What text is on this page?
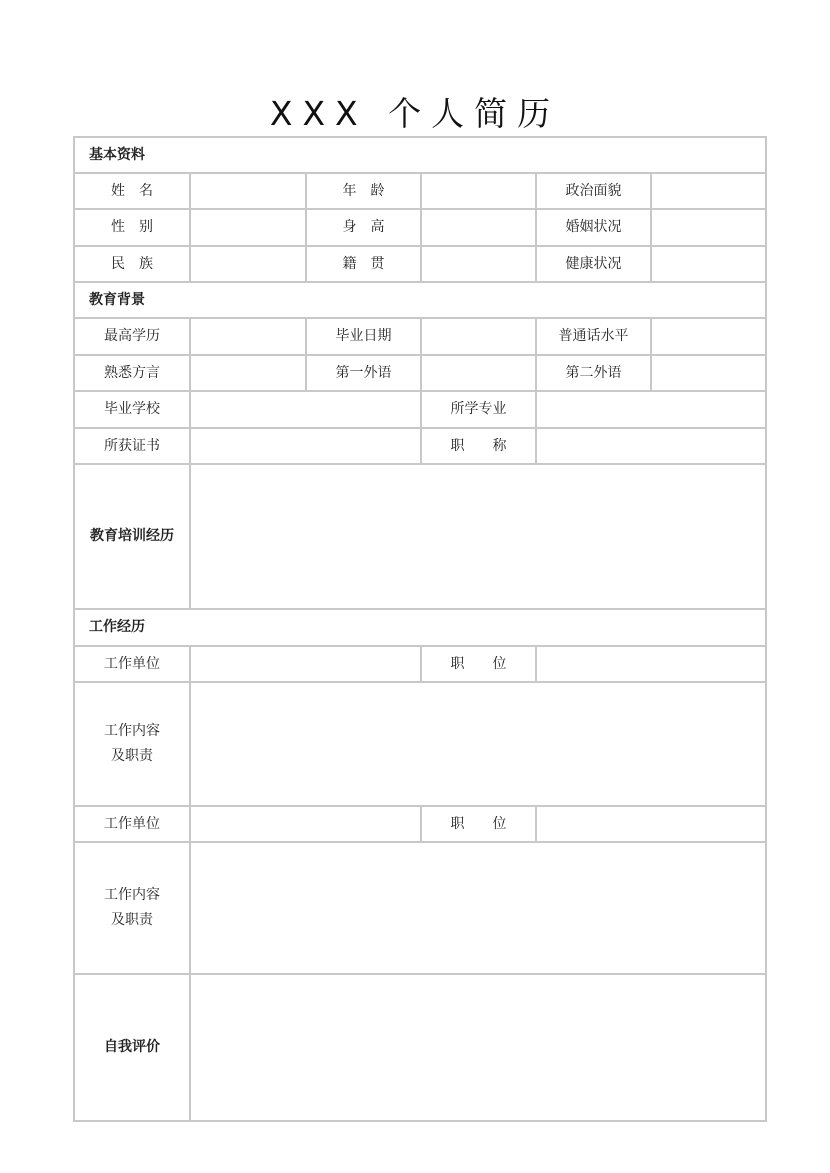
XXX 个人简历
基本资料					
姓　名		年　龄		政治面貌	
性　别		身　高		婚姻状况	
民　族		籍　贯		健康状况	
教育背景					
最高学历		毕业日期		普通话水平	
熟悉方言		第一外语		第二外语	
毕业学校			所学专业		
所获证书			职　　称		
教育培训经历					
工作经历					
工作单位			职　　位		
工作内容
及职责					
工作单位			职　　位		
工作内容
及职责					
自我评价					
